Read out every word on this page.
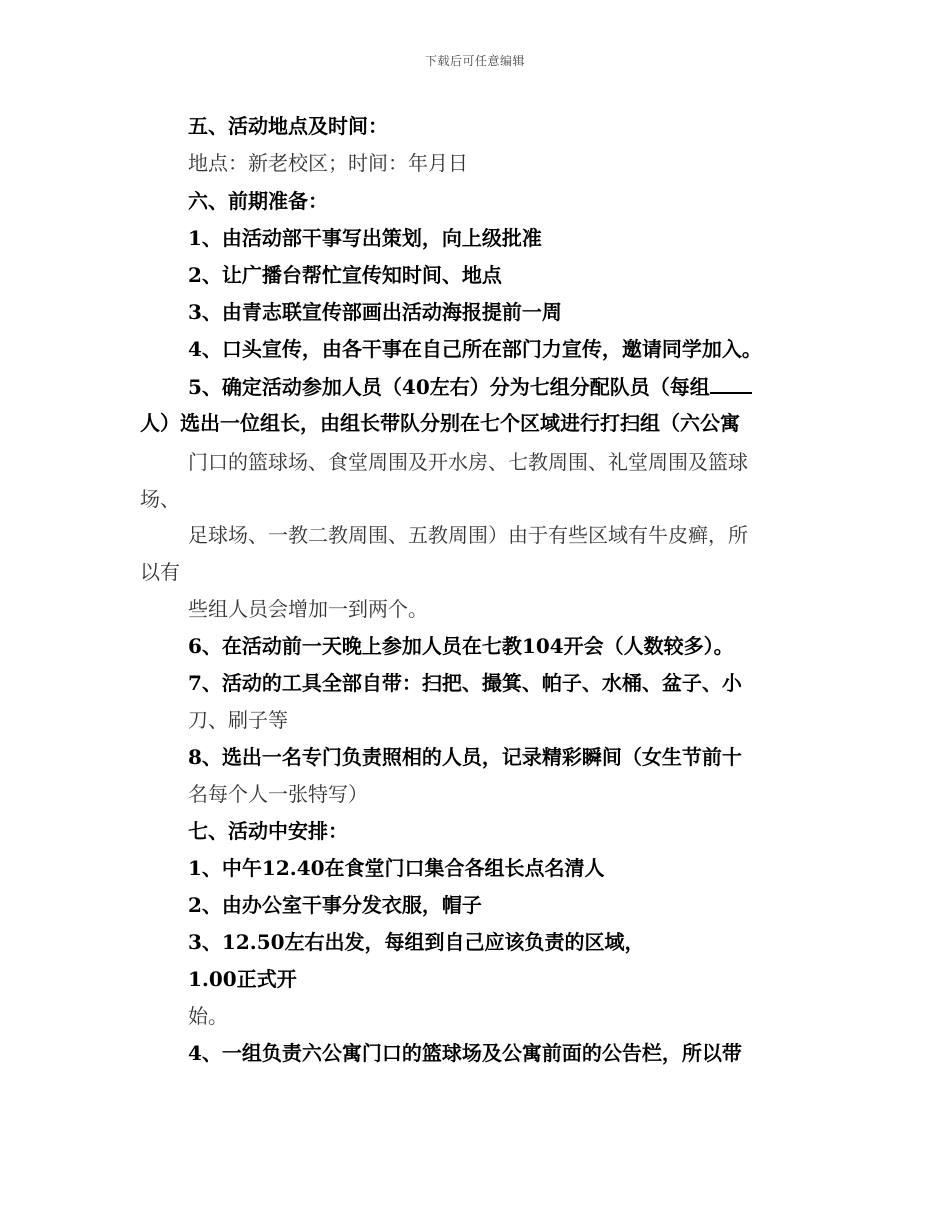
下载后可任意编辑
五、活动地点及时间：
地点：新老校区；时间：年月日
六、前期准备：
1、由活动部干事写出策划，向上级批准
2、让广播台帮忙宣传知时间、地点
3、由青志联宣传部画出活动海报提前一周
4、口头宣传，由各干事在自己所在部门力宣传，邀请同学加入。
5、确定活动参加人员（40左右）分为七组分配队员（每组
人）选出一位组长，由组长带队分别在七个区域进行打扫组（六公寓
门口的篮球场、食堂周围及开水房、七教周围、礼堂周围及篮球
场、
足球场、一教二教周围、五教周围）由于有些区域有牛皮癣，所
以有
些组人员会增加一到两个。
6、在活动前一天晚上参加人员在七教104开会（人数较多）。
7、活动的工具全部自带：扫把、撮箕、帕子、水桶、盆子、小
刀、刷子等
8、选出一名专门负责照相的人员，记录精彩瞬间（女生节前十
名每个人一张特写）
七、活动中安排：
1、中午12.40在食堂门口集合各组长点名清人
2、由办公室干事分发衣服，帽子
3、12.50左右出发，每组到自己应该负责的区域，
1.00正式开
始。
4、一组负责六公寓门口的篮球场及公寓前面的公告栏，所以带
